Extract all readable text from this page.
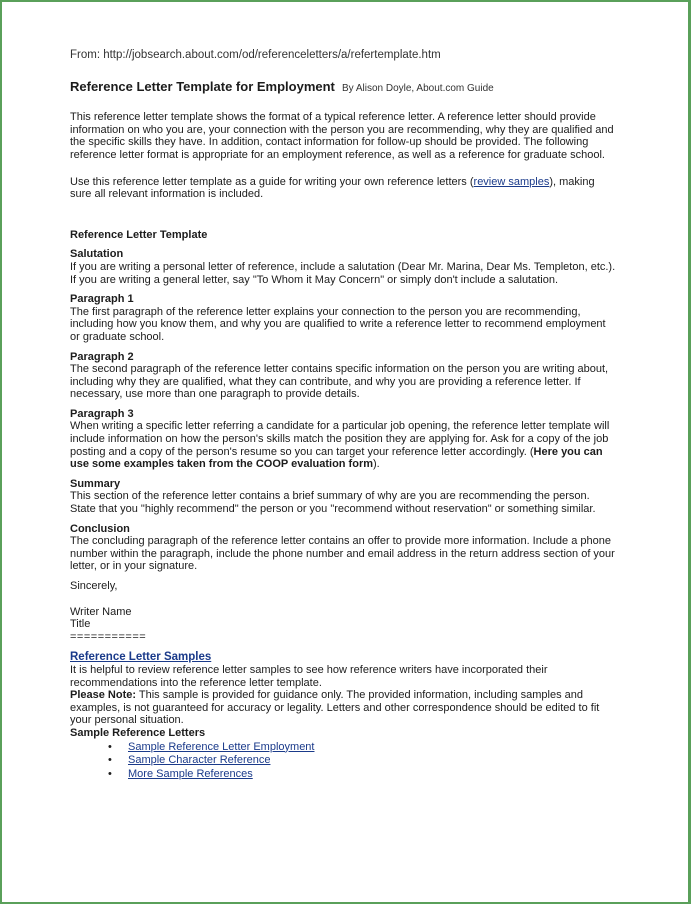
From: http://jobsearch.about.com/od/referenceletters/a/refertemplate.htm
Reference Letter Template for Employment By Alison Doyle, About.com Guide

This reference letter template shows the format of a typical reference letter. A reference letter should provide information on who you are, your connection with the person you are recommending, why they are qualified and the specific skills they have. In addition, contact information for follow-up should be provided. The following reference letter format is appropriate for an employment reference, as well as a reference for graduate school.

Use this reference letter template as a guide for writing your own reference letters (review samples), making sure all relevant information is included.

Reference Letter Template
Salutation

If you are writing a personal letter of reference, include a salutation (Dear Mr. Marina, Dear Ms. Templeton, etc.). If you are writing a general letter, say "To Whom it May Concern" or simply don't include a salutation.

Paragraph 1

The first paragraph of the reference letter explains your connection to the person you are recommending, including how you know them, and why you are qualified to write a reference letter to recommend employment or graduate school.

Paragraph 2

The second paragraph of the reference letter contains specific information on the person you are writing about, including why they are qualified, what they can contribute, and why you are providing a reference letter. If necessary, use more than one paragraph to provide details.

Paragraph 3

When writing a specific letter referring a candidate for a particular job opening, the reference letter template will include information on how the person's skills match the position they are applying for. Ask for a copy of the job posting and a copy of the person's resume so you can target your reference letter accordingly. (Here you can use some examples taken from the COOP evaluation form).

Summary

This section of the reference letter contains a brief summary of why are you are recommending the person. State that you "highly recommend" the person or you "recommend without reservation" or something similar.

Conclusion

The concluding paragraph of the reference letter contains an offer to provide more information. Include a phone number within the paragraph, include the phone number and email address in the return address section of your letter, or in your signature.

Sincerely,
Writer Name
Title
===========
Reference Letter Samples

It is helpful to review reference letter samples to see how reference writers have incorporated their recommendations into the reference letter template.

Please Note: This sample is provided for guidance only. The provided information, including samples and examples, is not guaranteed for accuracy or legality. Letters and other correspondence should be edited to fit your personal situation.

Sample Reference Letters
• Sample Reference Letter Employment
• Sample Character Reference
• More Sample References
